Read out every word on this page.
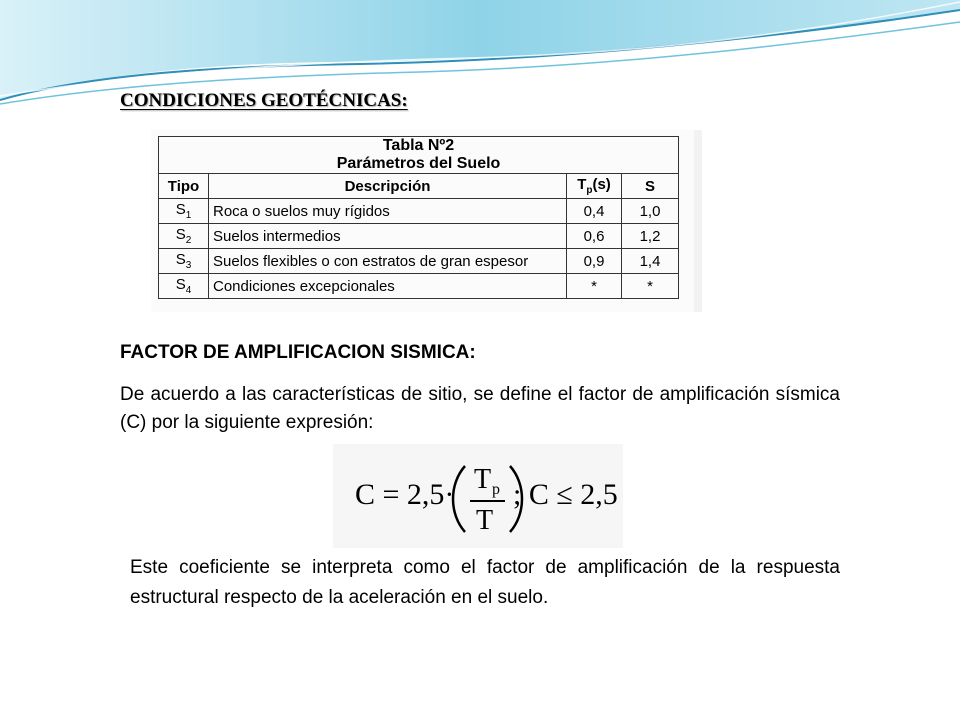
CONDICIONES GEOTÉCNICAS:
Tabla Nº2
Parámetros del Suelo			
Tipo	Descripción	$T_p(s)$	S
$S_1$	Roca o suelos muy rígidos	0,4	1,0
$S_2$	Suelos intermedios	0,6	1,2
$S_3$	Suelos flexibles o con estratos de gran espesor	0,9	1,4
$S_4$	Condiciones excepcionales	*	*
FACTOR DE AMPLIFICACION SISMICA:
De acuerdo a las características de sitio, se define el factor de amplificación sísmica (C) por la siguiente expresión:
C = 2,5· T p
T
; C ≤ 2,5
Este coeficiente se interpreta como el factor de amplificación de la respuesta estructural respecto de la aceleración en el suelo.
